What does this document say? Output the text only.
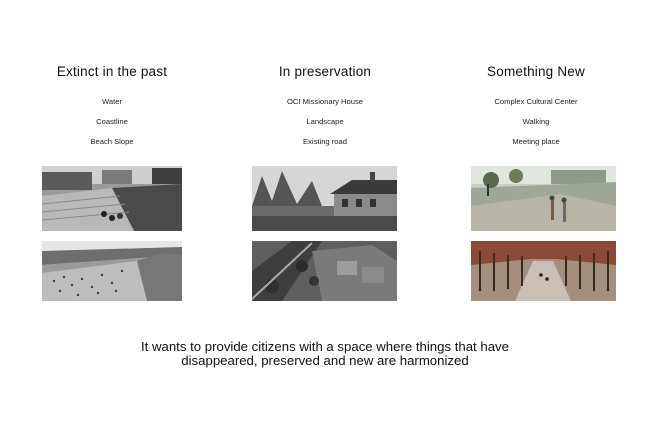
Extinct in the past
Water
Coastline
Beach Slope
In preservation
OCI Missionary House
Landscape
Existing road
Something New
Complex Cultural Center
Walking
Meeting place
It wants to provide citizens with a space where things that have
disappeared, preserved and new are harmonized
